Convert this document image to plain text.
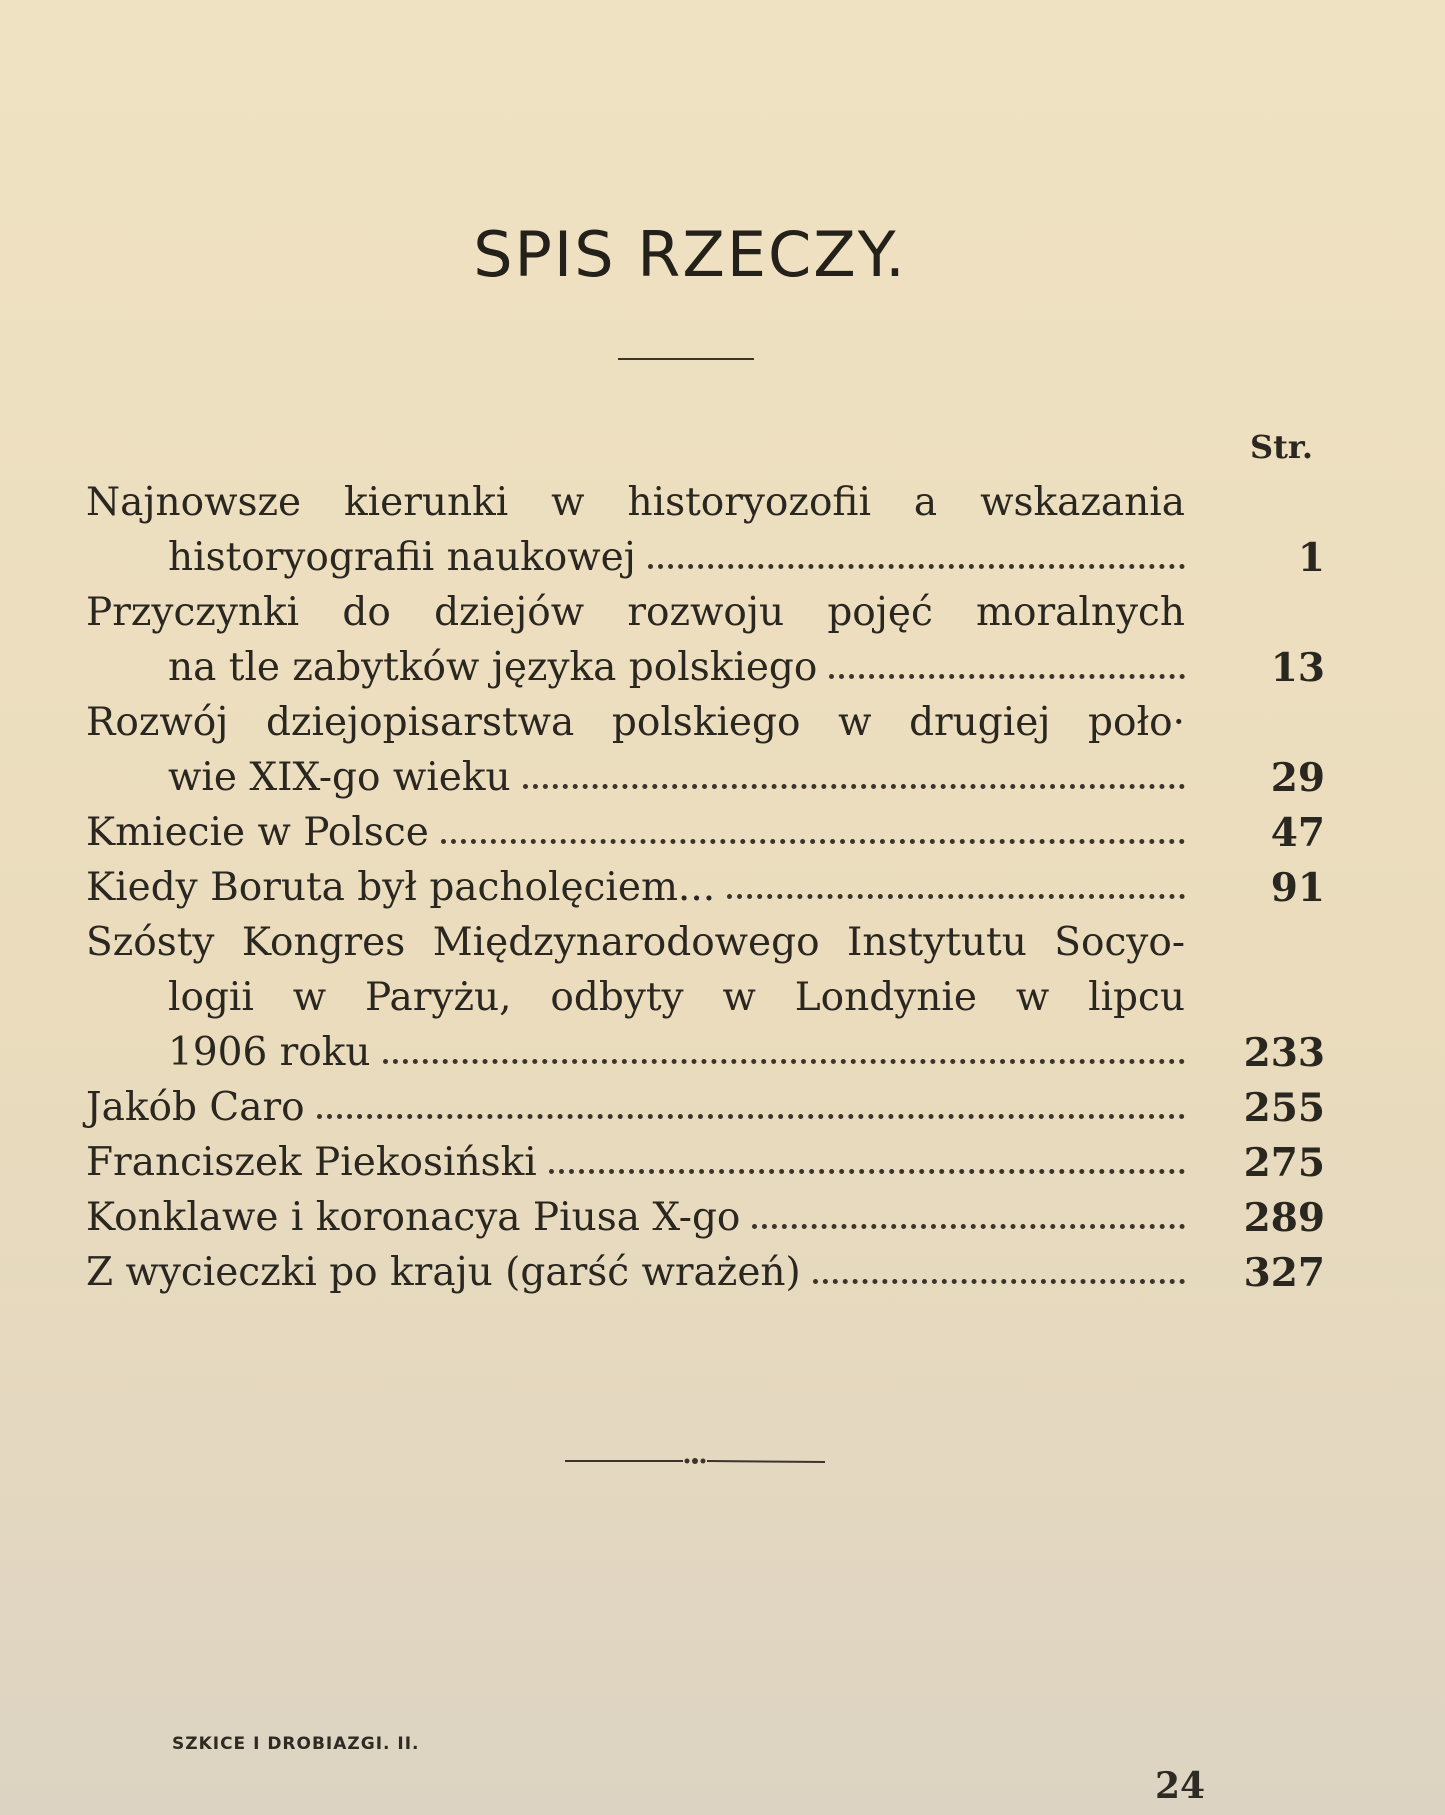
SPIS RZECZY.
Str.
Najnowsze kierunki w historyozofii a wskazania
1
historyografii naukowej
Przyczynki do dziejów rozwoju pojęć moralnych
13
na tle zabytków języka polskiego
Rozwój dziejopisarstwa polskiego w drugiej poło·
29
wie XIX-go wieku
47
Kmiecie w Polsce
91
Kiedy Boruta był pacholęciem...
Szósty Kongres Międzynarodowego Instytutu Socyo-
logii w Paryżu, odbyty w Londynie w lipcu
233
1906 roku
255
Jakób Caro
275
Franciszek Piekosiński
289
Konklawe i koronacya Piusa X-go
327
Z wycieczki po kraju (garść wrażeń)
SZKICE I DROBIAZGI. II.
24
